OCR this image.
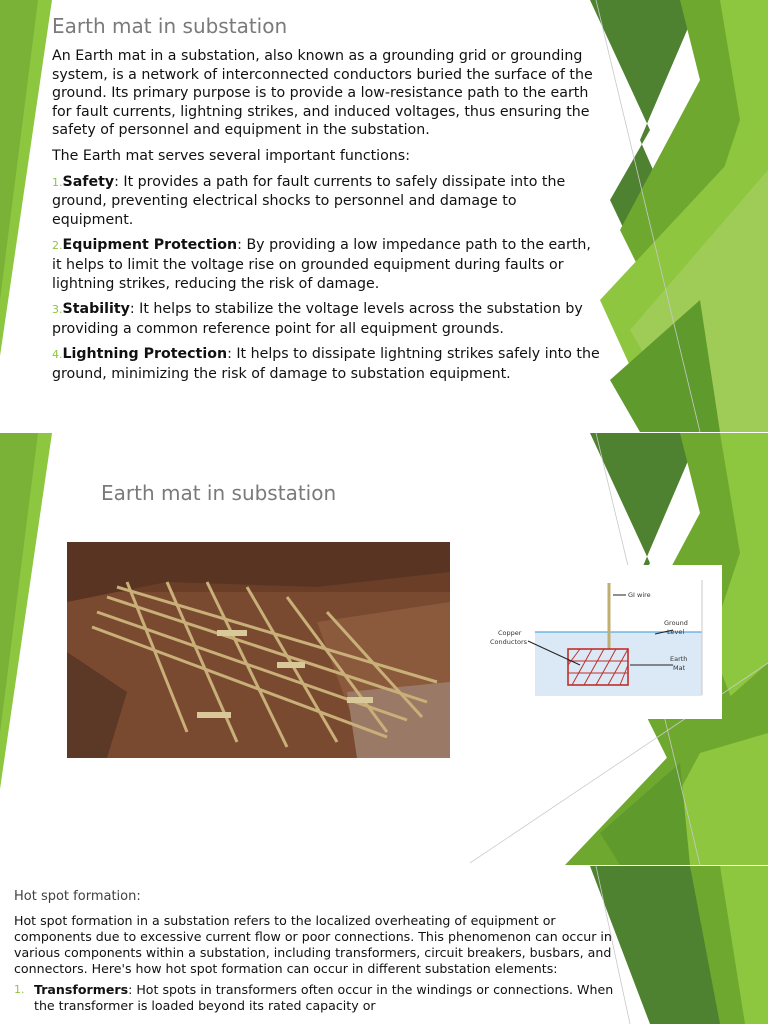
Earth mat in substation

An Earth mat in a substation, also known as a grounding grid or grounding system, is a network of interconnected conductors buried the surface of the ground. Its primary purpose is to provide a low-resistance path to the earth for fault currents, lightning strikes, and induced voltages, thus ensuring the safety of personnel and equipment in the substation.

The Earth mat serves several important functions:

1.Safety: It provides a path for fault currents to safely dissipate into the ground, preventing electrical shocks to personnel and damage to equipment.

2.Equipment Protection: By providing a low impedance path to the earth, it helps to limit the voltage rise on grounded equipment during faults or lightning strikes, reducing the risk of damage.

3.Stability: It helps to stabilize the voltage levels across the substation by providing a common reference point for all equipment grounds.

4.Lightning Protection: It helps to dissipate lightning strikes safely into the ground, minimizing the risk of damage to substation equipment.

Earth mat in substation
GI wire
Ground
Level
Copper
Conductors
Earth
Mat
Hot spot formation:

Hot spot formation in a substation refers to the localized overheating of equipment or components due to excessive current flow or poor connections. This phenomenon can occur in various components within a substation, including transformers, circuit breakers, busbars, and connectors. Here's how hot spot formation can occur in different substation elements:

1. Transformers: Hot spots in transformers often occur in the windings or connections. When the transformer is loaded beyond its rated capacity or
